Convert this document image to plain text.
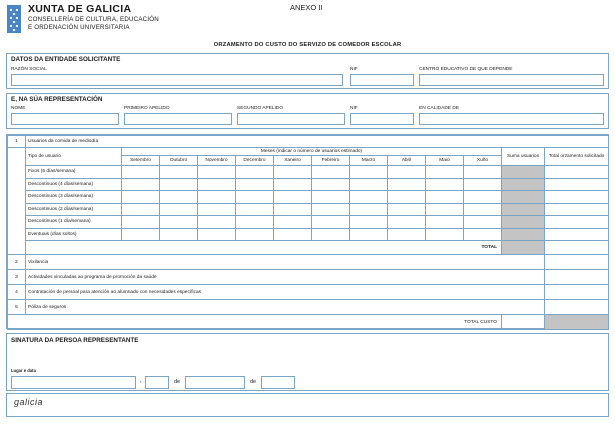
XUNTA DE GALICIA
CONSELLERÍA DE CULTURA, EDUCACIÓN
E ORDENACIÓN UNIVERSITARIA
ANEXO II
ORZAMENTO DO CUSTO DO SERVIZO DE COMEDOR ESCOLAR
DATOS DA ENTIDADE SOLICITANTE
RAZÓN SOCIAL	NIF	CENTRO EDUCATIVO DE QUE DEPENDE
E, NA SÚA REPRESENTACIÓN
NOME	PRIMEIRO APELIDO	SEGUNDO APELIDO	NIF	EN CALIDADE DE
1	Usuarios da comida de mediodía												
	Tipo de usuario	Meses (indicar o número de usuarios estimado)										Suma usuarios	Total orzamento solicitado
		Setembro	Outubro	Novembro	Decembro	Xaneiro	Febreiro	Marzo	Abril	Maio	Xuño		
	Fixos (5 días/semana)												
	Descontinuos (4 días/semana)												
	Descontinuos (3 días/semana)												
	Descontinuos (2 días/semana)												
	Descontinuos (1 día/semana)												
	Eventuais (días soltos)												
	TOTAL												
2	Vixilancia												
3	Actividades vinculadas ao programa de promoción da saúde												
4	Contratación de persoal para atención ao alumnado con necesidades específicas												
5	Póliza de seguros												
TOTAL CUSTO													
SINATURA DA PERSOA REPRESENTANTE
Lugar e data
,	de	de
galicia
